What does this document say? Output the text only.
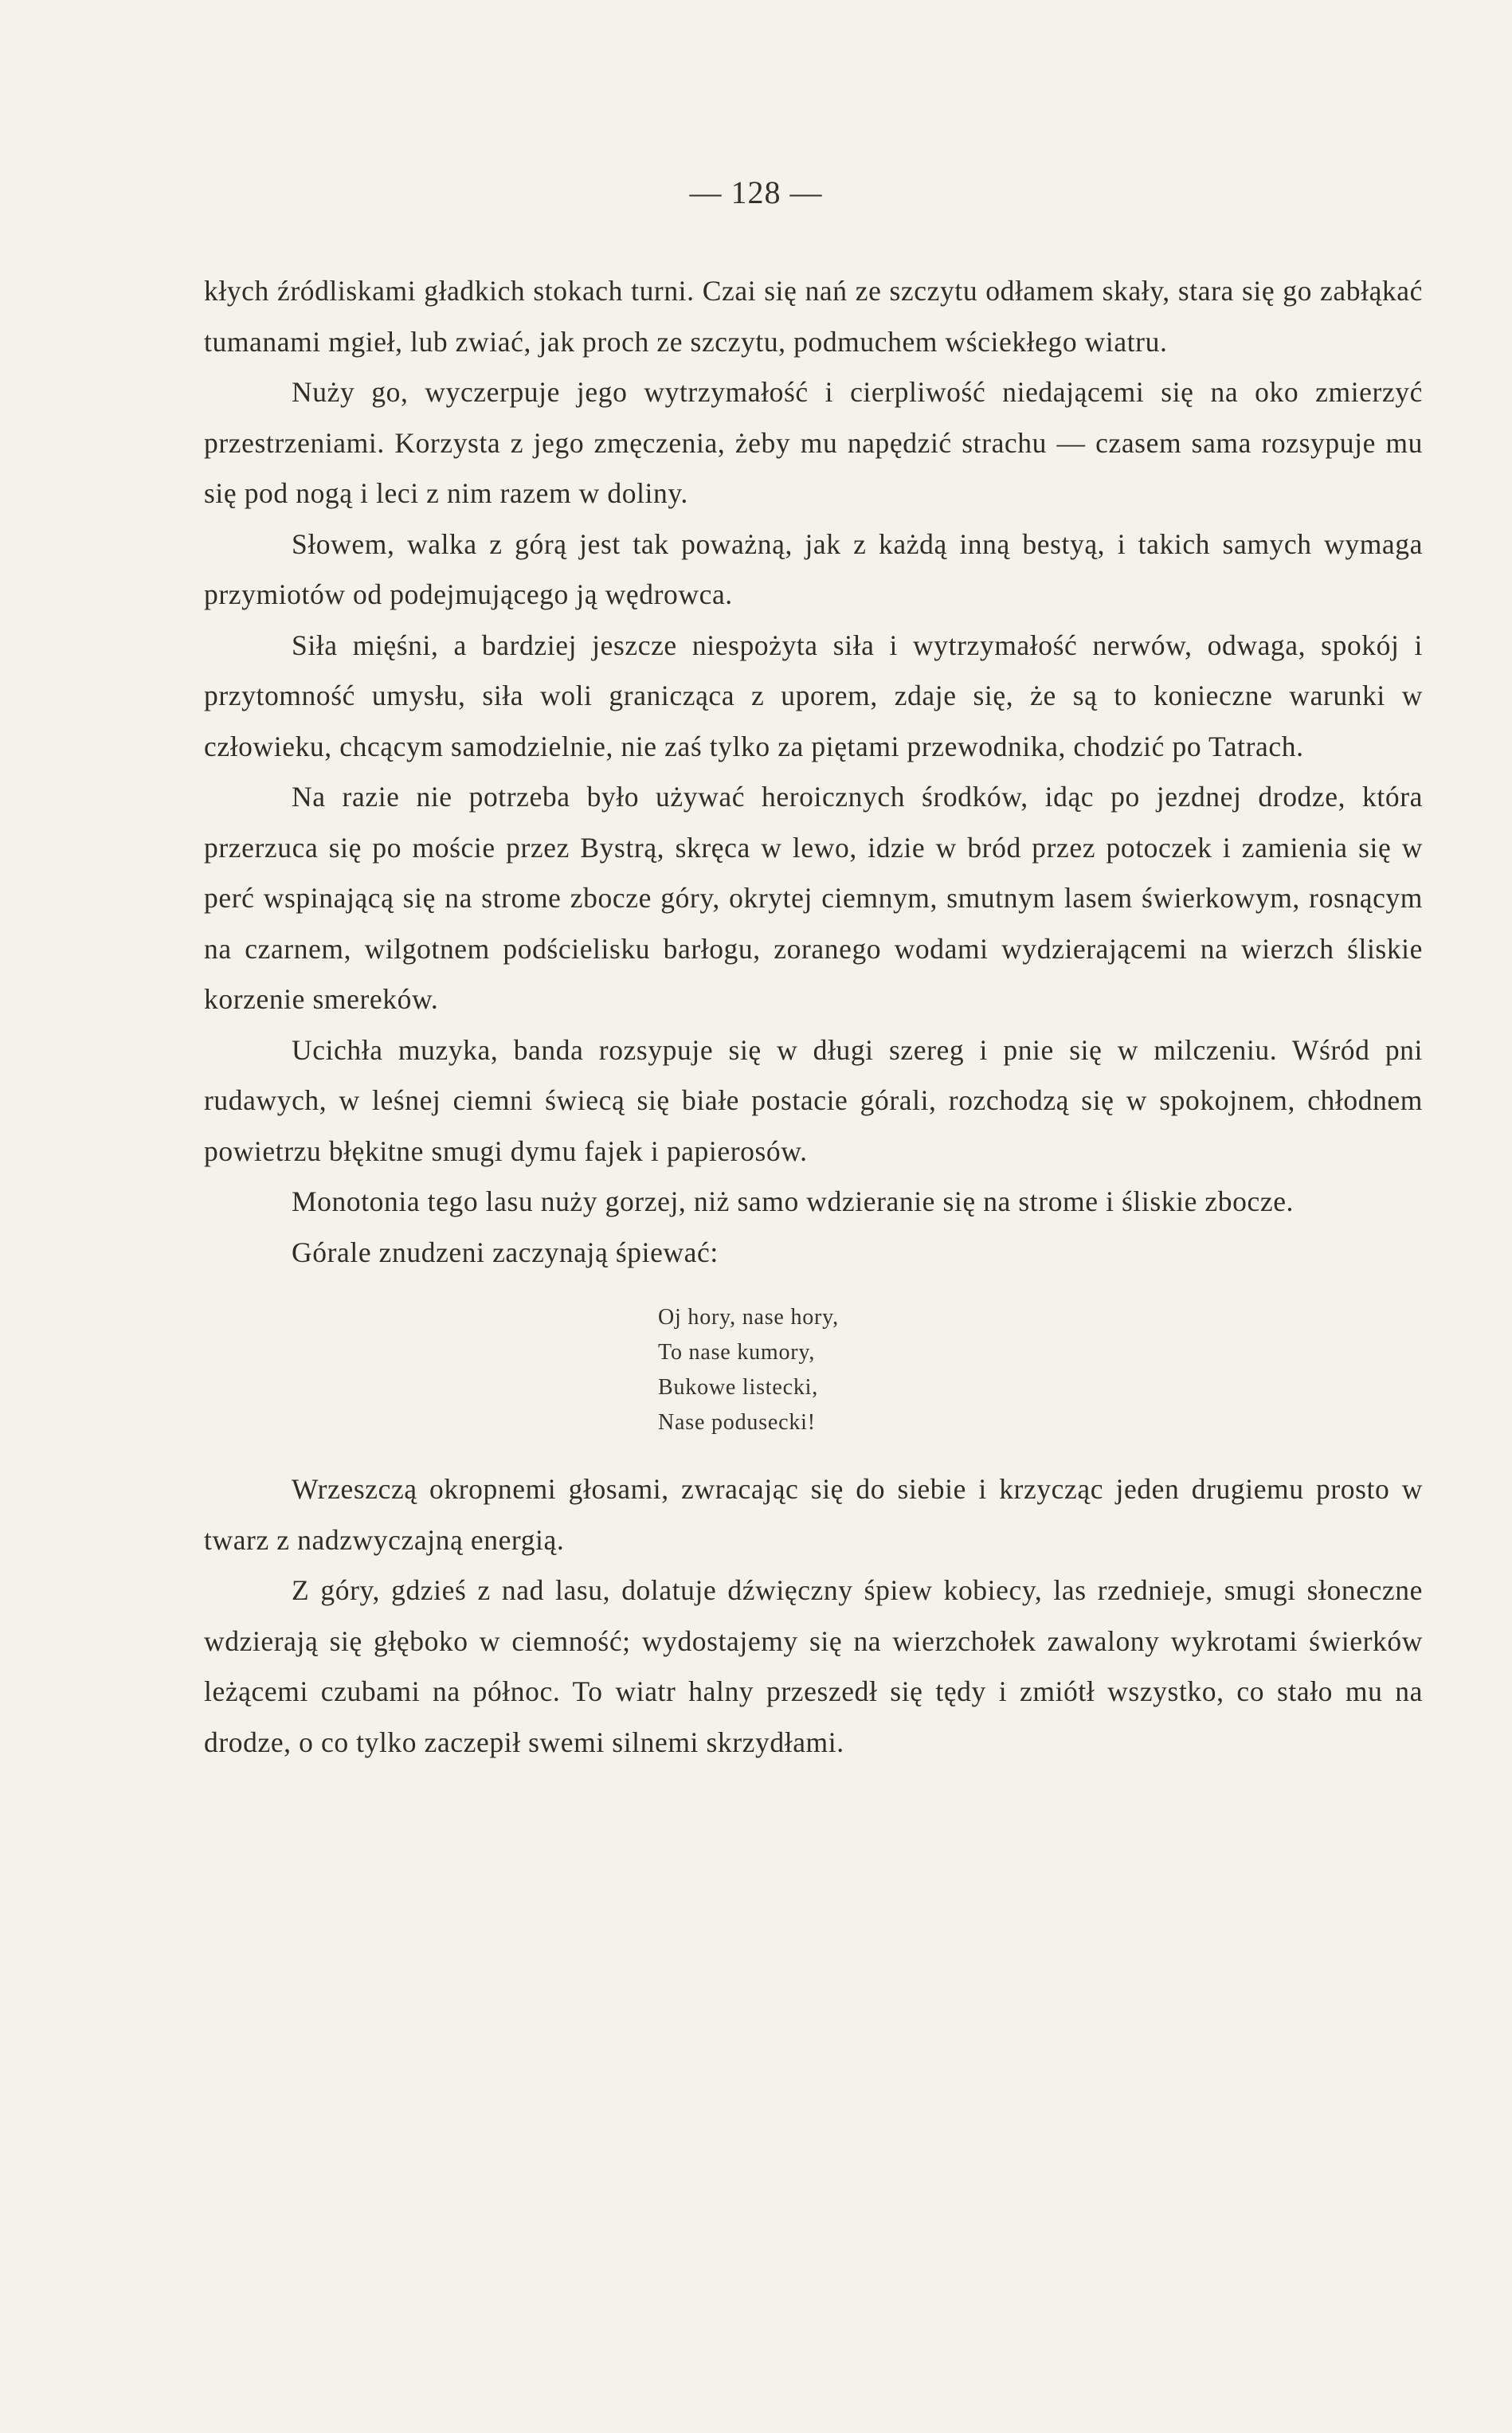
— 128 —

kłych źródliskami gładkich stokach turni. Czai się nań ze szczytu odłamem skały, stara się go zabłąkać tumanami mgieł, lub zwiać, jak proch ze szczytu, podmuchem wściekłego wiatru.

Nuży go, wyczerpuje jego wytrzymałość i cierpliwość niedającemi się na oko zmierzyć przestrzeniami. Korzysta z jego zmęczenia, żeby mu napędzić strachu — czasem sama rozsypuje mu się pod nogą i leci z nim razem w doliny.

Słowem, walka z górą jest tak poważną, jak z każdą inną bestyą, i takich samych wymaga przymiotów od podejmującego ją wędrowca.

Siła mięśni, a bardziej jeszcze niespożyta siła i wytrzymałość nerwów, odwaga, spokój i przytomność umysłu, siła woli granicząca z uporem, zdaje się, że są to konieczne warunki w człowieku, chcącym samodzielnie, nie zaś tylko za piętami przewodnika, chodzić po Tatrach.

Na razie nie potrzeba było używać heroicznych środków, idąc po jezdnej drodze, która przerzuca się po moście przez Bystrą, skręca w lewo, idzie w bród przez potoczek i zamienia się w perć wspinającą się na strome zbocze góry, okrytej ciemnym, smutnym lasem świerkowym, rosnącym na czarnem, wilgotnem podścielisku barłogu, zoranego wodami wydzierającemi na wierzch śliskie korzenie smereków.

Ucichła muzyka, banda rozsypuje się w długi szereg i pnie się w milczeniu. Wśród pni rudawych, w leśnej ciemni świecą się białe postacie górali, rozchodzą się w spokojnem, chłodnem powietrzu błękitne smugi dymu fajek i papierosów.

Monotonia tego lasu nuży gorzej, niż samo wdzieranie się na strome i śliskie zbocze.

Górale znudzeni zaczynają śpiewać:

Oj hory, nase hory,
To nase kumory,
Bukowe listecki,
Nase podusecki!

Wrzeszczą okropnemi głosami, zwracając się do siebie i krzycząc jeden drugiemu prosto w twarz z nadzwyczajną energią.

Z góry, gdzieś z nad lasu, dolatuje dźwięczny śpiew kobiecy, las rzednieje, smugi słoneczne wdzierają się głęboko w ciemność; wydostajemy się na wierzchołek zawalony wykrotami świerków leżącemi czubami na północ. To wiatr halny przeszedł się tędy i zmiótł wszystko, co stało mu na drodze, o co tylko zaczepił swemi silnemi skrzydłami.
